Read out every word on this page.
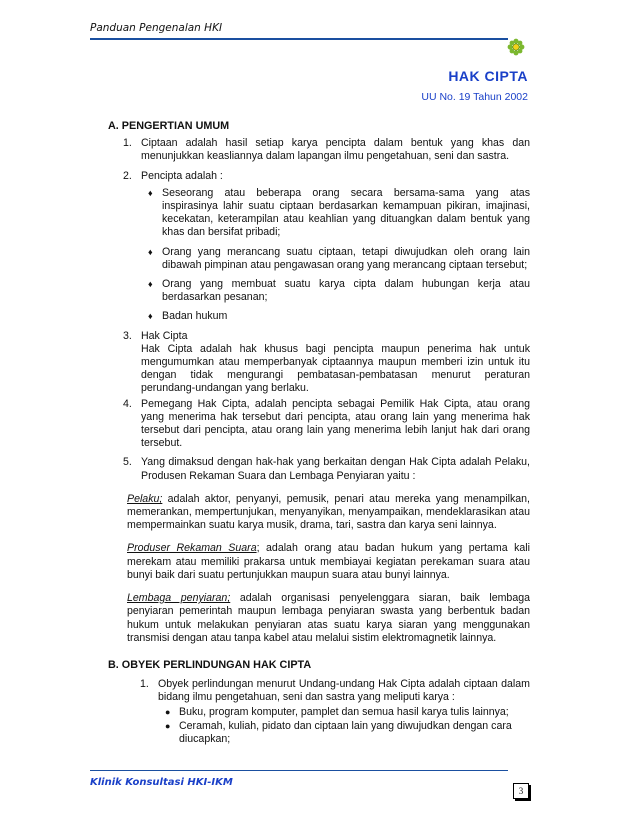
Panduan Pengenalan HKI
HAK CIPTA
UU No. 19 Tahun 2002
A. PENGERTIAN UMUM
1. Ciptaan adalah hasil setiap karya pencipta dalam bentuk yang khas dan menunjukkan keasliannya dalam lapangan ilmu pengetahuan, seni dan sastra.
2. Pencipta adalah :
♦ Seseorang atau beberapa orang secara bersama-sama yang atas inspirasinya lahir suatu ciptaan berdasarkan kemampuan pikiran, imajinasi, kecekatan, keterampilan atau keahlian yang dituangkan dalam bentuk yang khas dan bersifat pribadi;
♦ Orang yang merancang suatu ciptaan, tetapi diwujudkan oleh orang lain dibawah pimpinan atau pengawasan orang yang merancang ciptaan tersebut;
♦ Orang yang membuat suatu karya cipta dalam hubungan kerja atau berdasarkan pesanan;
♦ Badan hukum
3. Hak Cipta
Hak Cipta adalah hak khusus bagi pencipta maupun penerima hak untuk mengumumkan atau memperbanyak ciptaannya maupun memberi izin untuk itu dengan tidak mengurangi pembatasan-pembatasan menurut peraturan perundang-undangan yang berlaku.
4. Pemegang Hak Cipta, adalah pencipta sebagai Pemilik Hak Cipta, atau orang yang menerima hak tersebut dari pencipta, atau orang lain yang menerima hak tersebut dari pencipta, atau orang lain yang menerima lebih lanjut hak dari orang tersebut.
5. Yang dimaksud dengan hak-hak yang berkaitan dengan Hak Cipta adalah Pelaku, Produsen Rekaman Suara dan Lembaga Penyiaran yaitu :
Pelaku; adalah aktor, penyanyi, pemusik, penari atau mereka yang menampilkan, memerankan, mempertunjukan, menyanyikan, menyampaikan, mendeklarasikan atau mempermainkan suatu karya musik, drama, tari, sastra dan karya seni lainnya.
Produser Rekaman Suara; adalah orang atau badan hukum yang pertama kali merekam atau memiliki prakarsa untuk membiayai kegiatan perekaman suara atau bunyi baik dari suatu pertunjukkan maupun suara atau bunyi lainnya.
Lembaga penyiaran; adalah organisasi penyelenggara siaran, baik lembaga penyiaran pemerintah maupun lembaga penyiaran swasta yang berbentuk badan hukum untuk melakukan penyiaran atas suatu karya siaran yang menggunakan transmisi dengan atau tanpa kabel atau melalui sistim elektromagnetik lainnya.
B. OBYEK PERLINDUNGAN HAK CIPTA
1. Obyek perlindungan menurut Undang-undang Hak Cipta adalah ciptaan dalam bidang ilmu pengetahuan, seni dan sastra yang meliputi karya :
● Buku, program komputer, pamplet dan semua hasil karya tulis lainnya;
● Ceramah, kuliah, pidato dan ciptaan lain yang diwujudkan dengan cara diucapkan;
Klinik Konsultasi HKI-IKM
3
